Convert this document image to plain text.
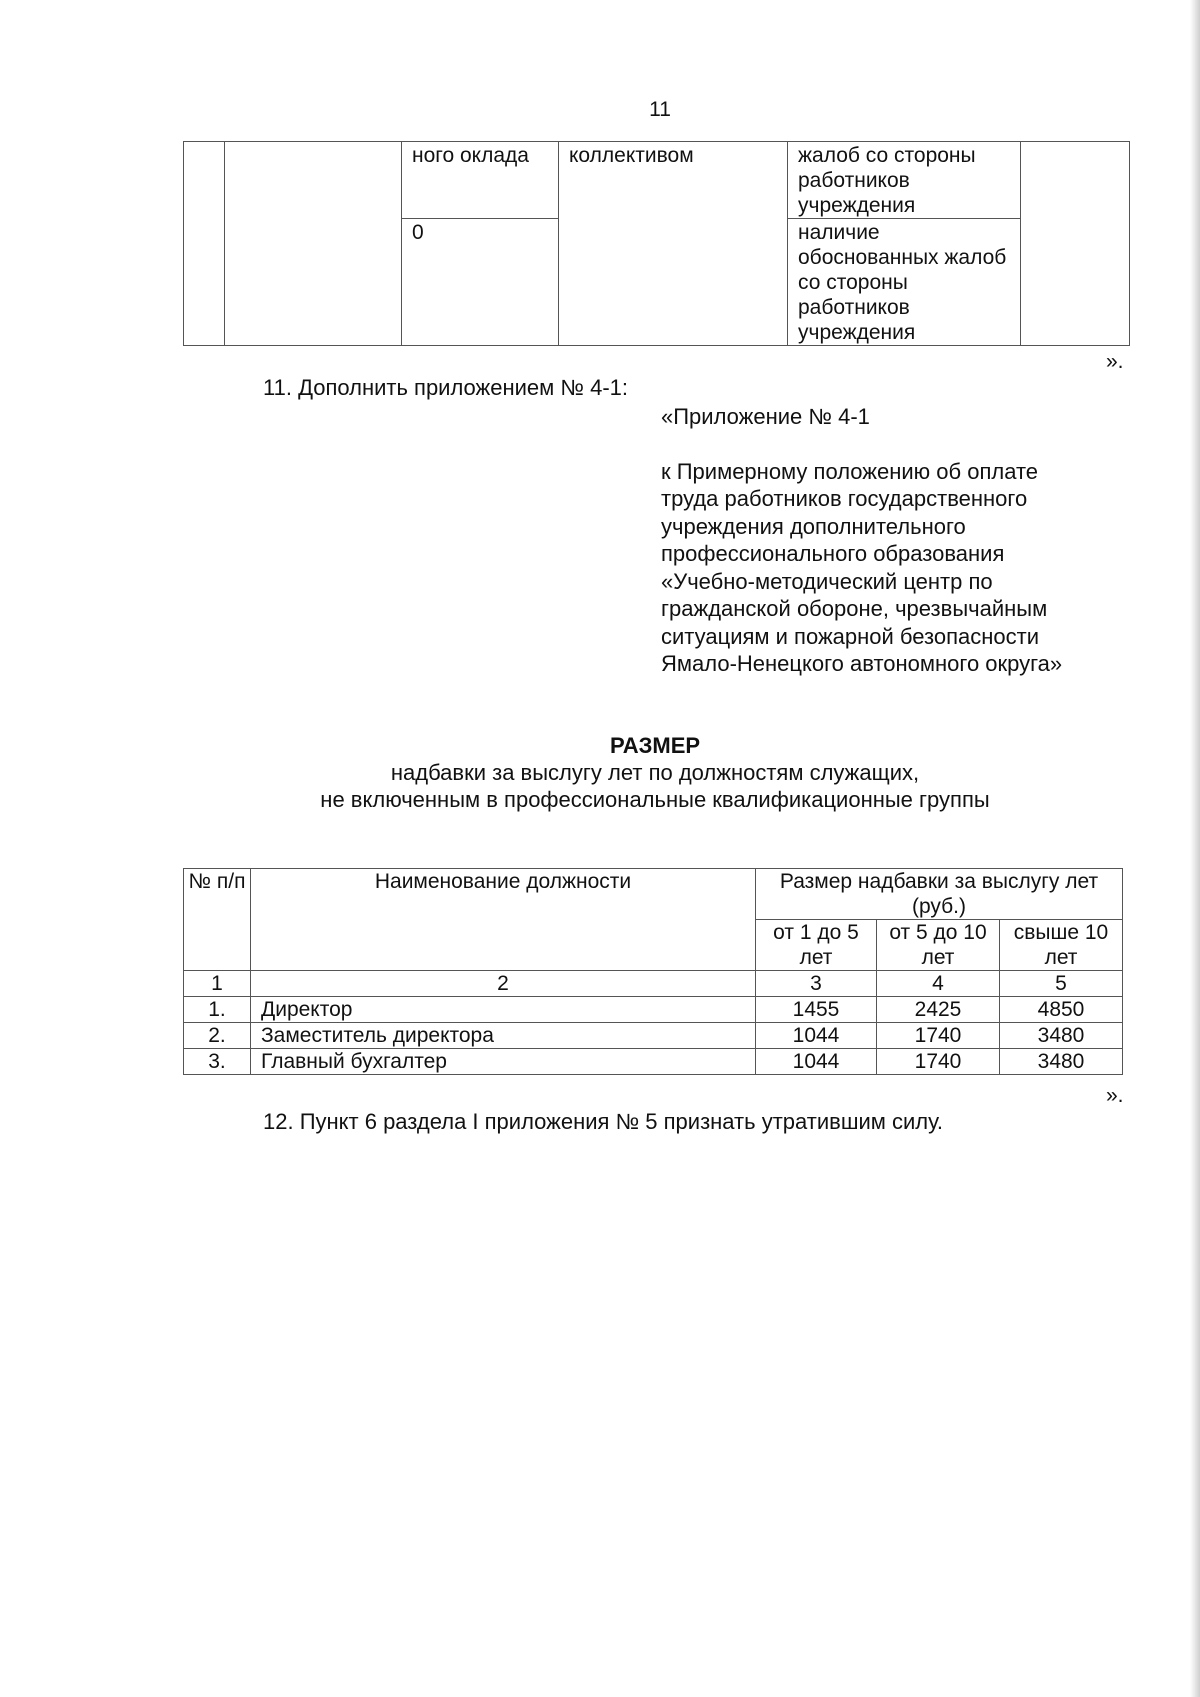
11
		ного оклада	коллективом	жалоб со стороны работников учреждения	
		0		наличие обоснованных жалоб со стороны работников учреждения	
».
11. Дополнить приложением № 4-1:
«Приложение № 4-1
к Примерному положению об оплате
труда работников государственного
учреждения дополнительного
профессионального образования
«Учебно-методический центр по
гражданской обороне, чрезвычайным
ситуациям и пожарной безопасности
Ямало-Ненецкого автономного округа»
РАЗМЕР
надбавки за выслугу лет по должностям служащих,
не включенным в профессиональные квалификационные группы
№ п/п	Наименование должности	Размер надбавки за выслугу лет (руб.)		
		от 1 до 5 лет	от 5 до 10 лет	свыше 10 лет
1	2	3	4	5
1.	Директор	1455	2425	4850
2.	Заместитель директора	1044	1740	3480
3.	Главный бухгалтер	1044	1740	3480
».
12. Пункт 6 раздела I приложения № 5 признать утратившим силу.
